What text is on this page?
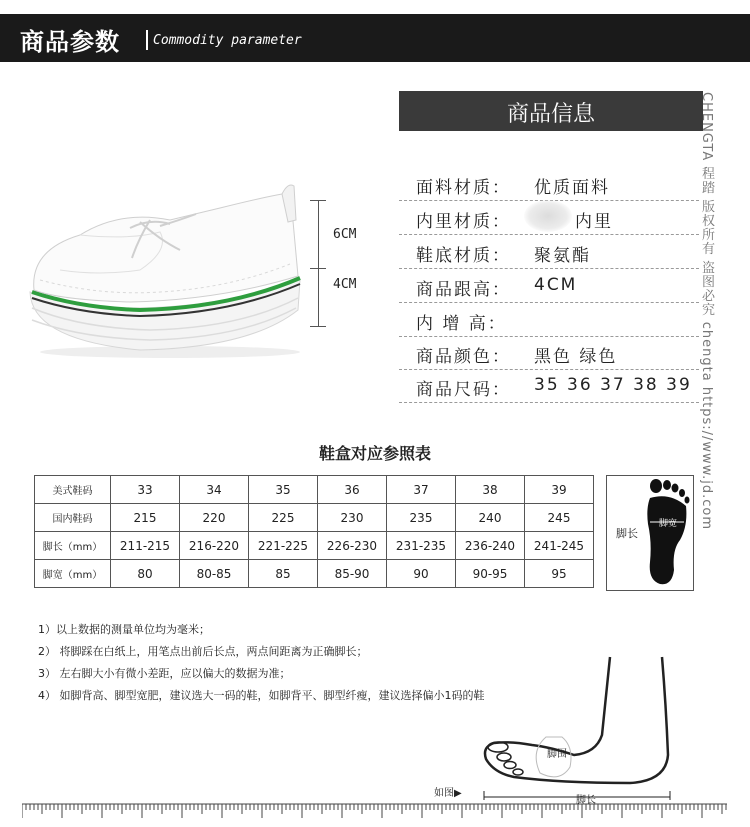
商品参数	Commodity parameter
6CM
4CM
商品信息
面料材质： 优质面料
内里材质：	内里
鞋底材质： 聚氨酯
商品跟高： 4CM
内 增 高：
商品颜色： 黑色 绿色
商品尺码： 35 36 37 38 39 CHENGTA 程踏 版权所有 盗图必究 chengta https://www.jd.com
鞋盒对应参照表
美式鞋码	33	34	35	36	37	38	39
国内鞋码	215	220	225	230	235	240	245
脚长（mm）	211-215	216-220	221-225	226-230	231-235	236-240	241-245
脚宽（mm）	80	80-85	85	85-90	90	90-95	95
脚长
脚宽
1）以上数据的测量单位均为毫米；
2） 将脚踩在白纸上，用笔点出前后长点，两点间距离为正确脚长；
3） 左右脚大小有微小差距，应以偏大的数据为准；
4） 如脚背高、脚型宽肥，建议选大一码的鞋，如脚背平、脚型纤瘦，建议选择偏小1码的鞋
脚围
脚长
如图▶
